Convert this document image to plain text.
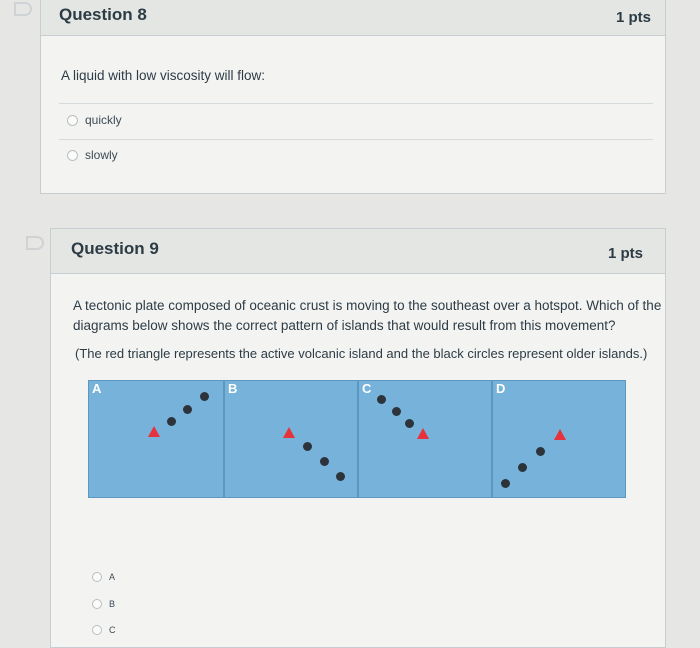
Question 8	1 pts
A liquid with low viscosity will flow:
quickly
slowly
Question 9	1 pts
A tectonic plate composed of oceanic crust is moving to the southeast over a hotspot. Which of the
diagrams below shows the correct pattern of islands that would result from this movement?
(The red triangle represents the active volcanic island and the black circles represent older islands.)
A	B	C	D
A
B
C
